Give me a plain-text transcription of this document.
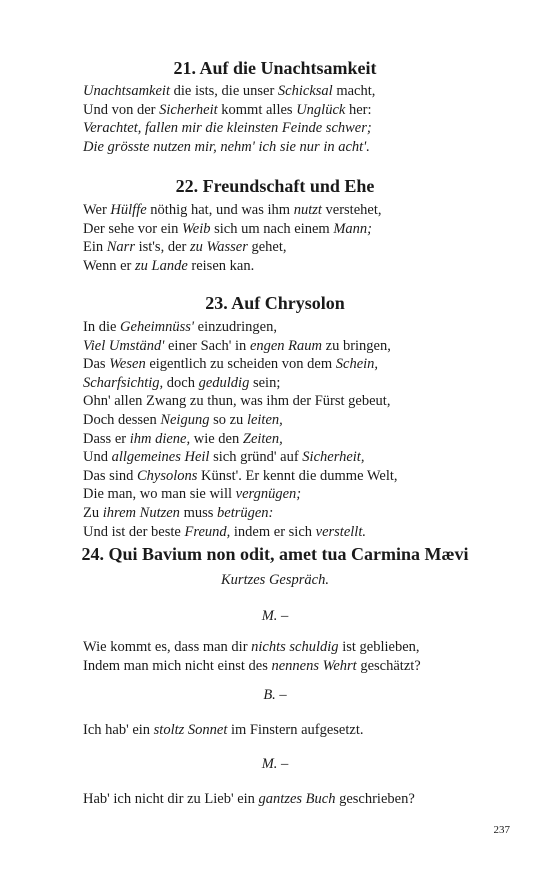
21. Auf die Unachtsamkeit
Unachtsamkeit die ists, die unser Schicksal macht,
Und von der Sicherheit kommt alles Unglück her:
Verachtet, fallen mir die kleinsten Feinde schwer;
Die grösste nutzen mir, nehm' ich sie nur in acht'.
22. Freundschaft und Ehe
Wer Hülffe nöthig hat, und was ihm nutzt verstehet,
Der sehe vor ein Weib sich um nach einem Mann;
Ein Narr ist's, der zu Wasser gehet,
Wenn er zu Lande reisen kan.
23. Auf Chrysolon
In die Geheimnüss' einzudringen,
Viel Umständ' einer Sach' in engen Raum zu bringen,
Das Wesen eigentlich zu scheiden von dem Schein,
Scharfsichtig, doch geduldig sein;
Ohn' allen Zwang zu thun, was ihm der Fürst gebeut,
Doch dessen Neigung so zu leiten,
Dass er ihm diene, wie den Zeiten,
Und allgemeines Heil sich gründ' auf Sicherheit,
Das sind Chysolons Künst'. Er kennt die dumme Welt,
Die man, wo man sie will vergnügen;
Zu ihrem Nutzen muss betrügen:
Und ist der beste Freund, indem er sich verstellt.
24. Qui Bavium non odit, amet tua Carmina Mævi
Kurtzes Gespräch.
M. –
Wie kommt es, dass man dir nichts schuldig ist geblieben,
Indem man mich nicht einst des nennens Wehrt geschätzt?
B. –
Ich hab' ein stoltz Sonnet im Finstern aufgesetzt.
M. –
Hab' ich nicht dir zu Lieb' ein gantzes Buch geschrieben?
237
